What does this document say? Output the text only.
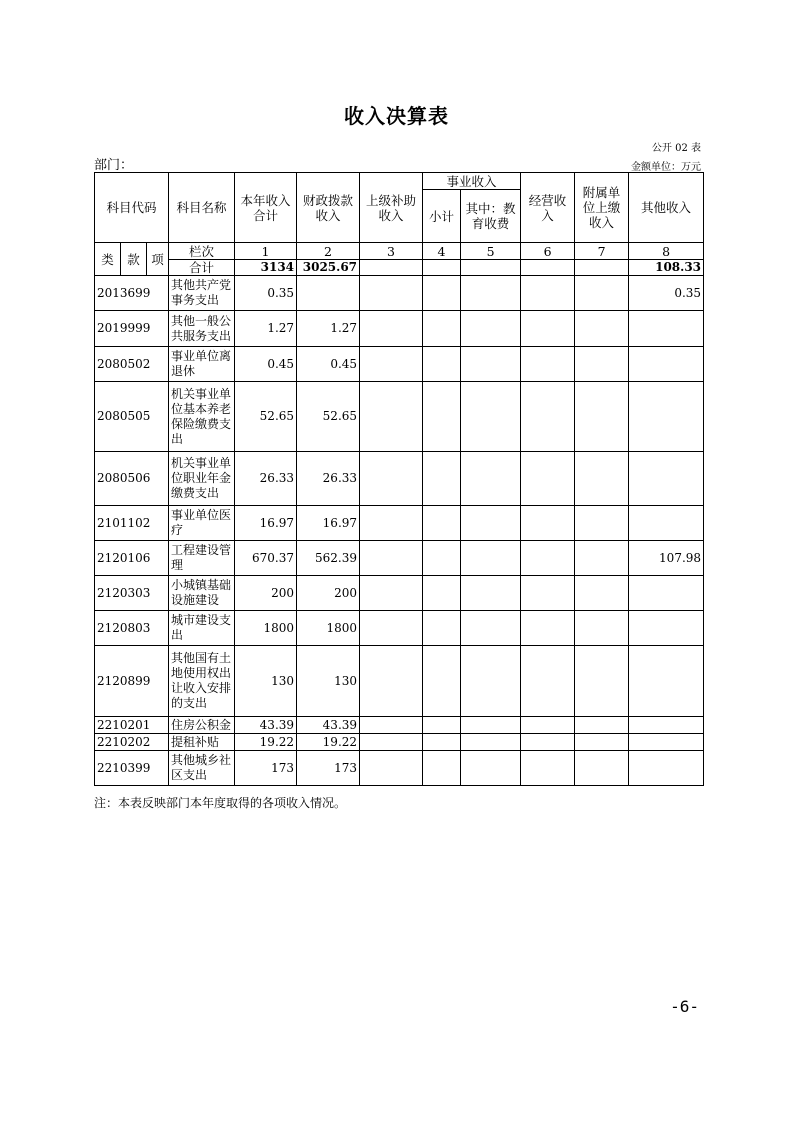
收入决算表
公开 02 表
部门：	金额单位：万元
科目代码			科目名称	本年收入合计	财政拨款收入	上级补助收入	事业收入		经营收入	附属单位上缴收入	其他收入
							小计	其中：教育收费			
类	款	项	栏次	1	2	3	4	5	6	7	8
			合计	3134	3025.67						108.33
2013699			其他共产党事务支出	0.35							0.35
2019999			其他一般公共服务支出	1.27	1.27						
2080502			事业单位离退休	0.45	0.45						
2080505			机关事业单位基本养老保险缴费支出	52.65	52.65						
2080506			机关事业单位职业年金缴费支出	26.33	26.33						
2101102			事业单位医疗	16.97	16.97						
2120106			工程建设管理	670.37	562.39						107.98
2120303			小城镇基础设施建设	200	200						
2120803			城市建设支出	1800	1800						
2120899			其他国有土地使用权出让收入安排的支出	130	130						
2210201			住房公积金	43.39	43.39						
2210202			提租补贴	19.22	19.22						
2210399			其他城乡社区支出	173	173						
注：本表反映部门本年度取得的各项收入情况。
-6-
